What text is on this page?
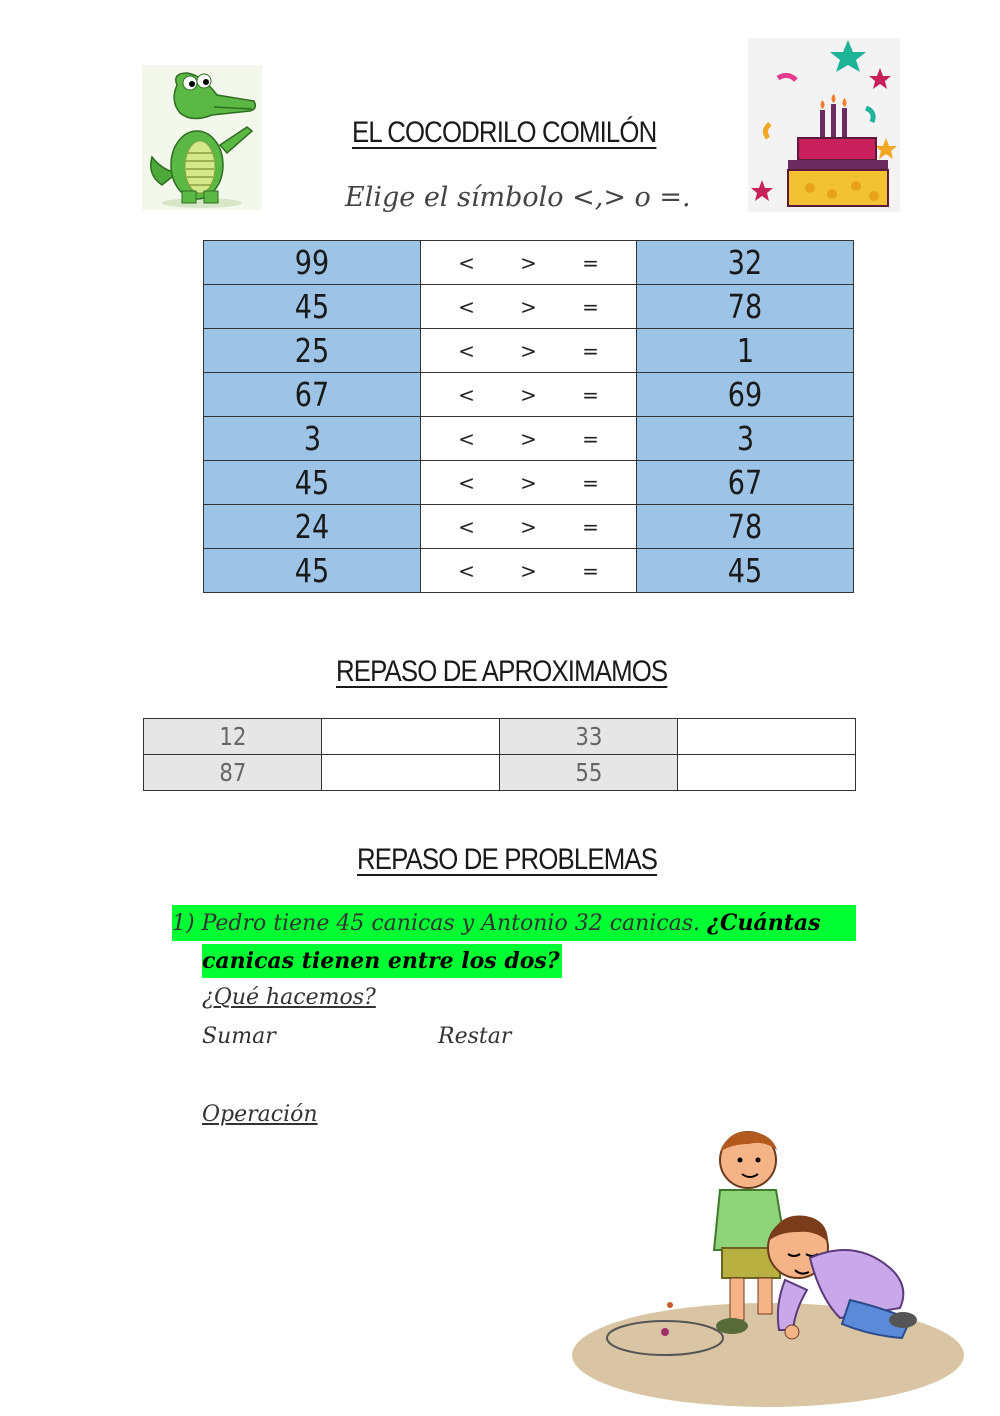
EL COCODRILO COMILÓN
Elige el símbolo <,> o =.
99	< > =	32
45	< > =	78
25	< > =	1
67	< > =	69
3	< > =	3
45	< > =	67
24	< > =	78
45	< > =	45
REPASO DE APROXIMAMOS
12		33	
87		55	
REPASO DE PROBLEMAS
1) Pedro tiene 45 canicas y Antonio 32 canicas. ¿Cuántas
canicas tienen entre los dos?
¿Qué hacemos?
Sumar	Restar
Operación
